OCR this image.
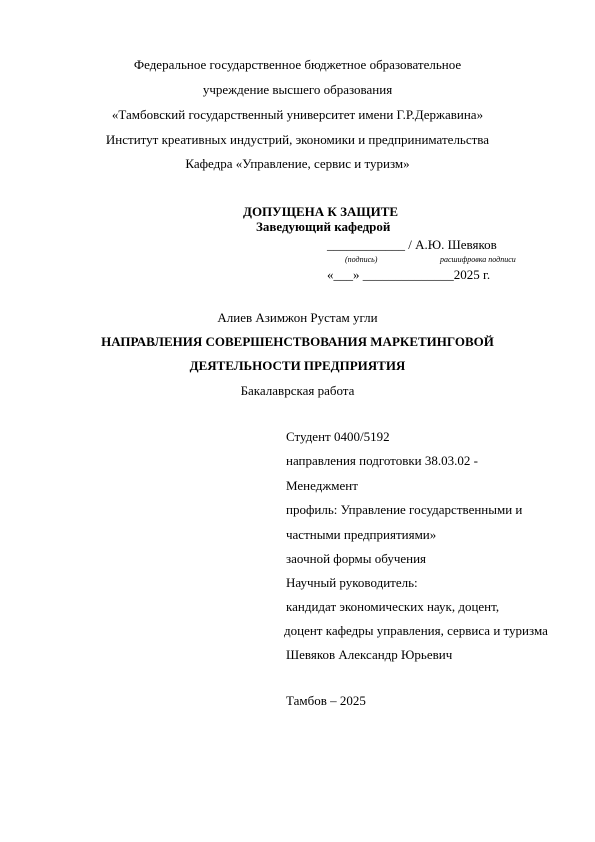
Федеральное государственное бюджетное образовательное
учреждение высшего образования
«Тамбовский государственный университет имени Г.Р.Державина»
Институт креативных индустрий, экономики и предпринимательства
Кафедра «Управление, сервис и туризм»
ДОПУЩЕНА К ЗАЩИТЕ
Заведующий кафедрой
____________ / А.Ю. Шевяков
(подпись)	расшифровка подписи
«___» ______________2025 г.
Алиев Азимжон Рустам угли
НАПРАВЛЕНИЯ СОВЕРШЕНСТВОВАНИЯ МАРКЕТИНГОВОЙ
ДЕЯТЕЛЬНОСТИ ПРЕДПРИЯТИЯ
Бакалаврская работа
Студент 0400/5192
направления подготовки 38.03.02 -
Менеджмент
профиль: Управление государственными и
частными предприятиями»
заочной формы обучения
Научный руководитель:
кандидат экономических наук, доцент,
доцент кафедры управления, сервиса и туризма
Шевяков Александр Юрьевич
Тамбов – 2025
